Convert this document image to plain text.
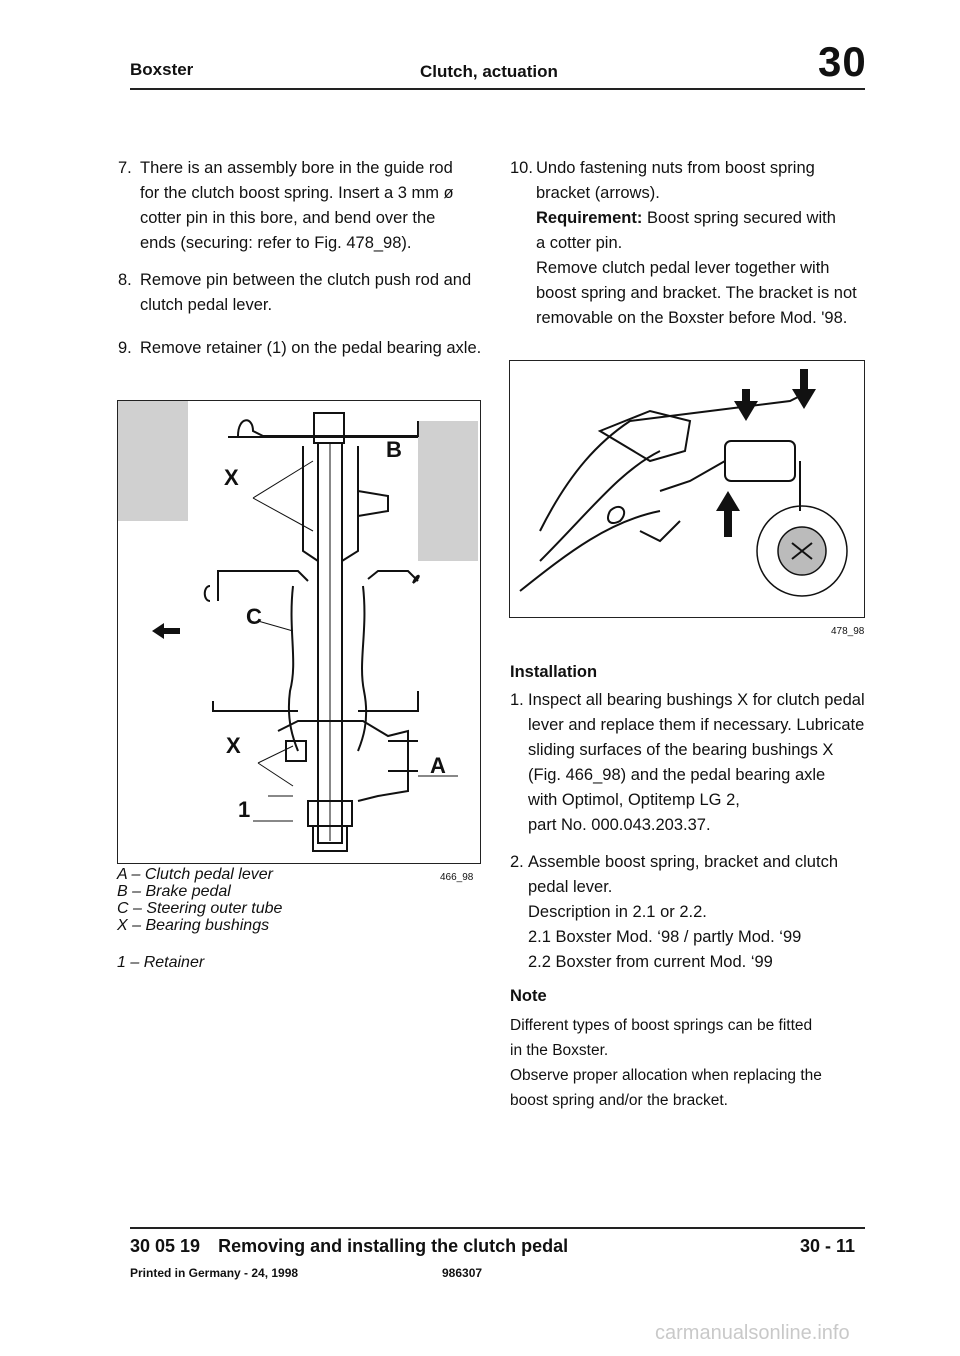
Boxster	Clutch, actuation	30
7. There is an assembly bore in the guide rod
for the clutch boost spring. Insert a 3 mm ø
cotter pin in this bore, and bend over the
ends (securing: refer to Fig. 478_98).
8. Remove pin between the clutch push rod and
clutch pedal lever.
9. Remove retainer (1) on the pedal bearing axle.
X
B
C
X
A
1
466_98
A – Clutch pedal lever
B – Brake pedal
C – Steering outer tube
X – Bearing bushings
1 – Retainer
10. Undo fastening nuts from boost spring
bracket (arrows).
Requirement: Boost spring secured with
a cotter pin.
Remove clutch pedal lever together with
boost spring and bracket. The bracket is not
removable on the Boxster before Mod. '98.
478_98
Installation
1. Inspect all bearing bushings X for clutch pedal
lever and replace them if necessary. Lubricate
sliding surfaces of the bearing bushings X
(Fig. 466_98) and the pedal bearing axle
with Optimol, Optitemp LG 2,
part No. 000.043.203.37.
2. Assemble boost spring, bracket and clutch
pedal lever.
Description in 2.1 or 2.2.
2.1 Boxster Mod. ‘98 / partly Mod. ‘99
2.2 Boxster from current Mod. ‘99
Note
Different types of boost springs can be fitted
in the Boxster.
Observe proper allocation when replacing the
boost spring and/or the bracket.
30 05 19 Removing and installing the clutch pedal	30 - 11
Printed in Germany - 24, 1998	986307
carmanualsonline.info
